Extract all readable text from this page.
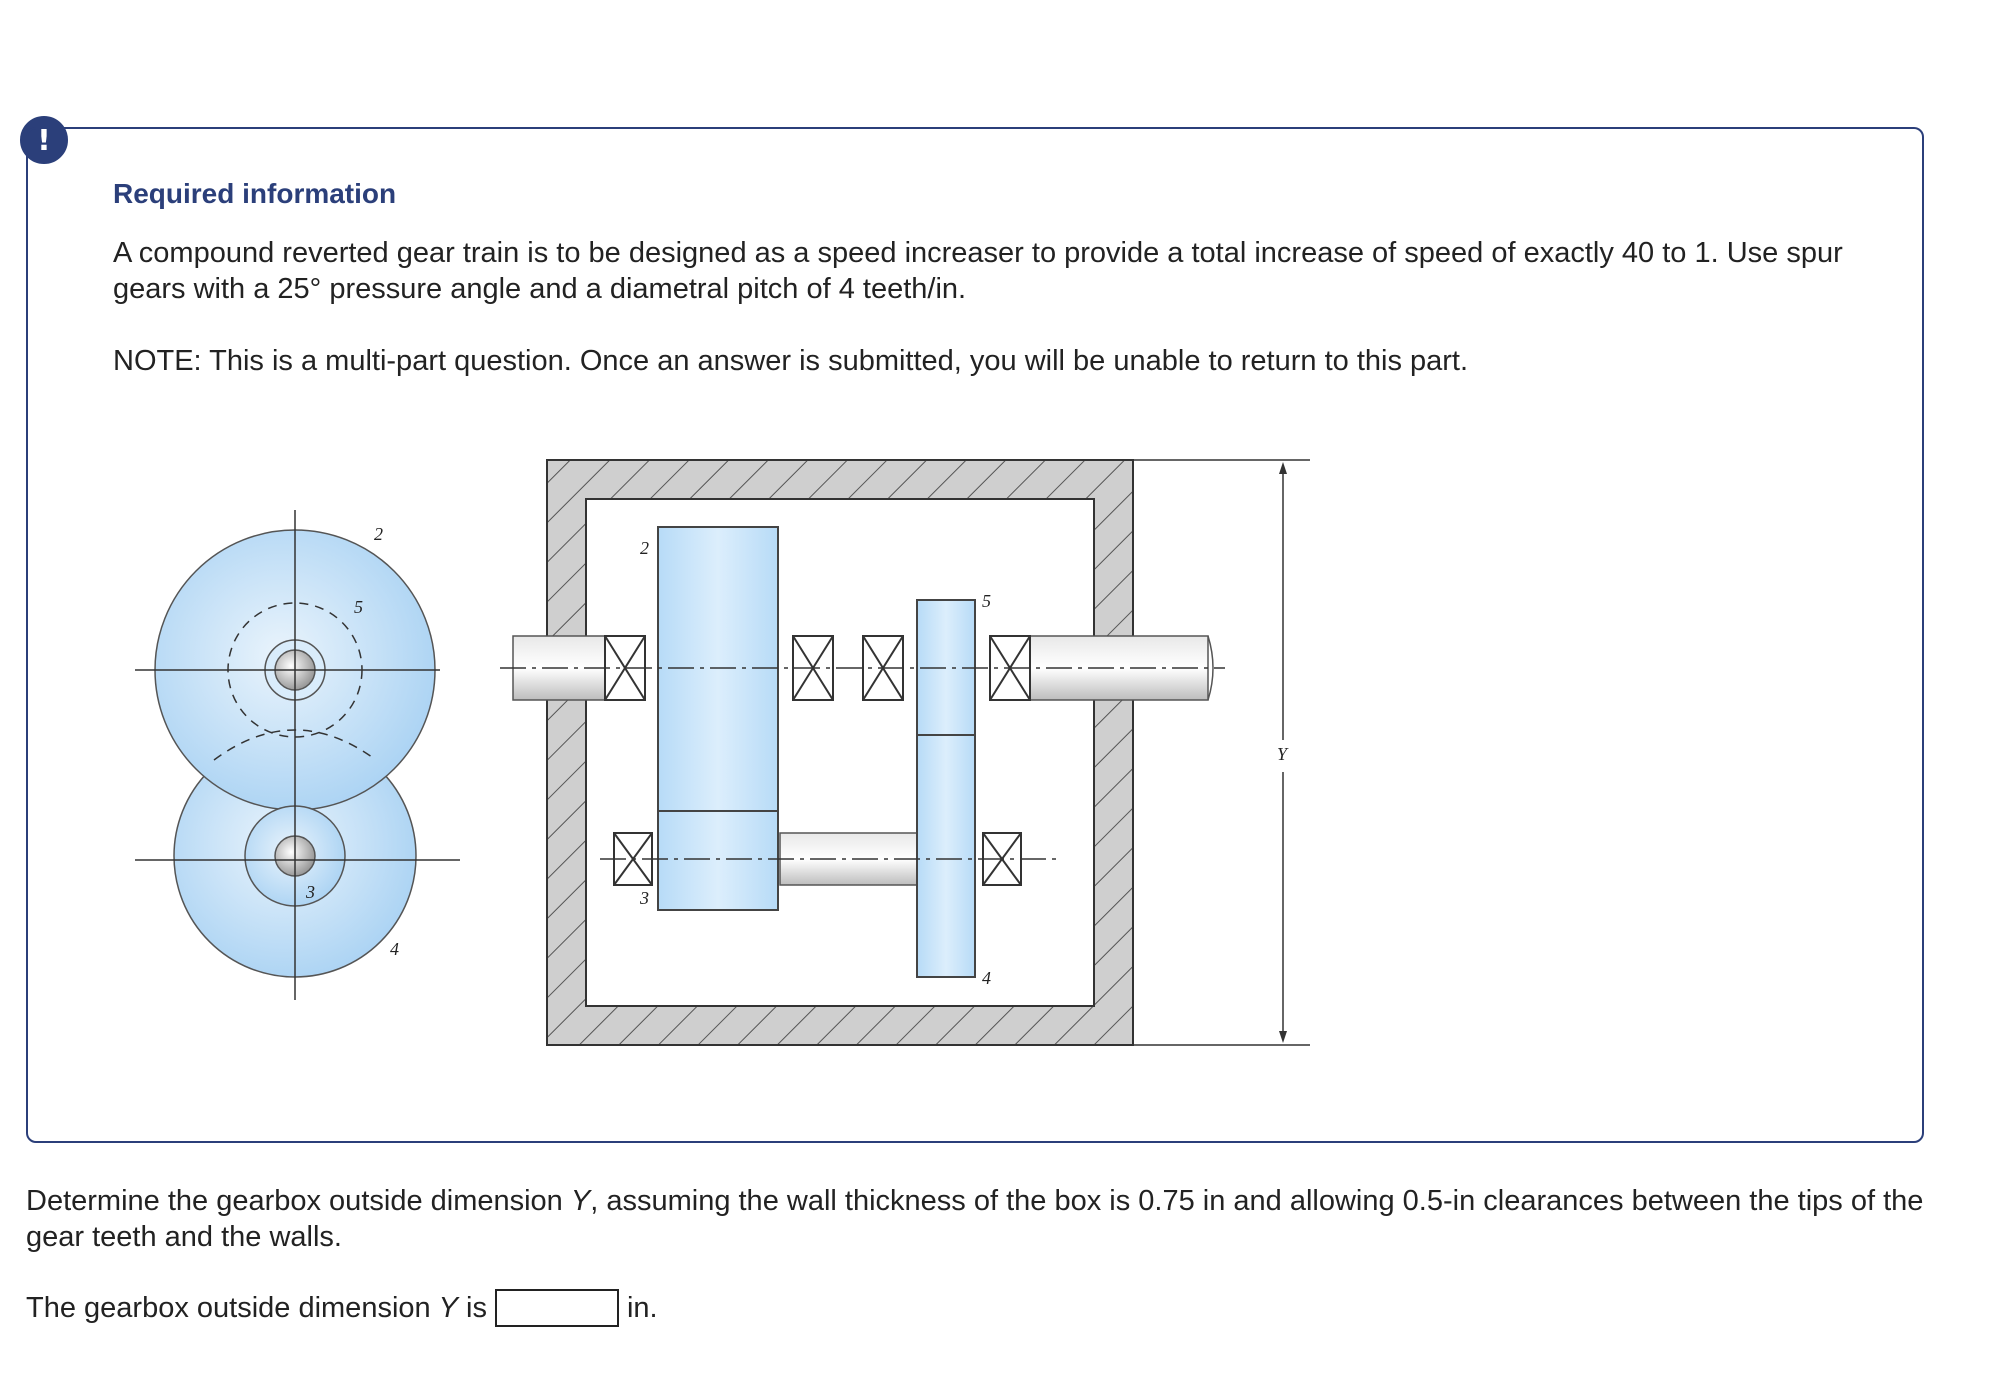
!
Required information
A compound reverted gear train is to be designed as a speed increaser to provide a total increase of speed of exactly 40 to 1. Use spur gears with a 25° pressure angle and a diametral pitch of 4 teeth/in.
NOTE: This is a multi-part question. Once an answer is submitted, you will be unable to return to this part.
2
5
3
4
Y
2
5
3
4
Determine the gearbox outside dimension Y, assuming the wall thickness of the box is 0.75 in and allowing 0.5-in clearances between the tips of the gear teeth and the walls.
The gearbox outside dimension Y is	in.
